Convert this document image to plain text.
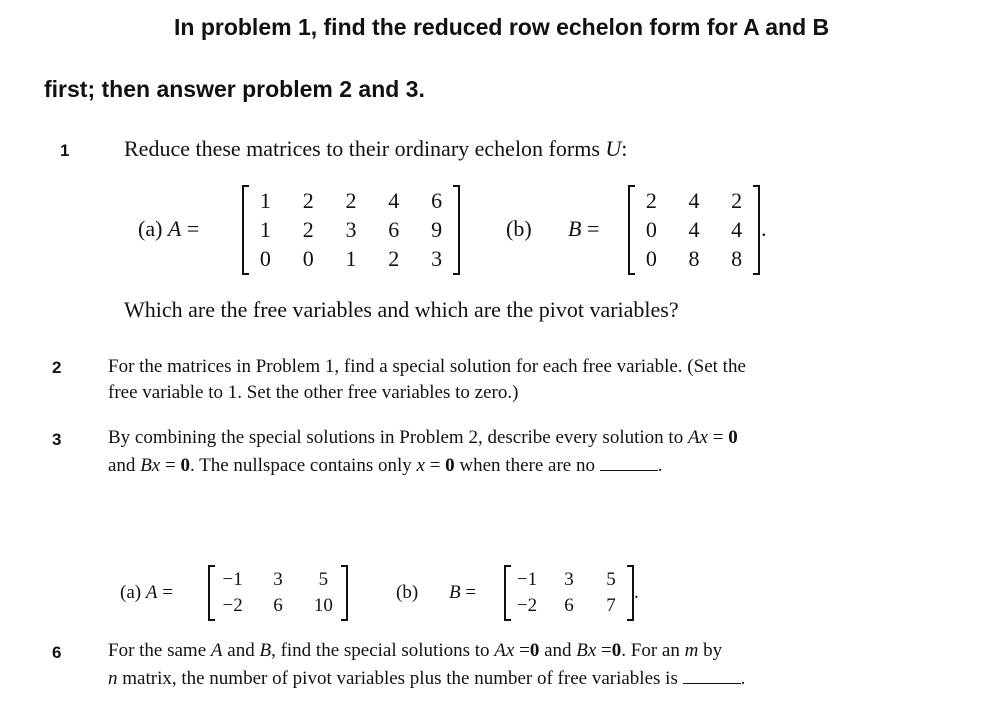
In problem 1, find the reduced row echelon form for A and B
first; then answer problem 2 and 3.
1 Reduce these matrices to their ordinary echelon forms U:
(a) A =
1 2 2 4 6
1 2 3 6 9
0 0 1 2 3
(b) B =
2 4 2
0 4 4
0 8 8
.
Which are the free variables and which are the pivot variables?
2 For the matrices in Problem 1, find a special solution for each free variable. (Set the
free variable to 1. Set the other free variables to zero.)
3 By combining the special solutions in Problem 2, describe every solution to Ax = 0
and Bx = 0. The nullspace contains only x = 0 when there are no	.
(a) A =
−1 3 5
−2 6 10
(b) B =
−1 3 5
−2 6 7
.
6 For the same A and B, find the special solutions to Ax =0 and Bx =0. For an m by
n matrix, the number of pivot variables plus the number of free variables is	.
